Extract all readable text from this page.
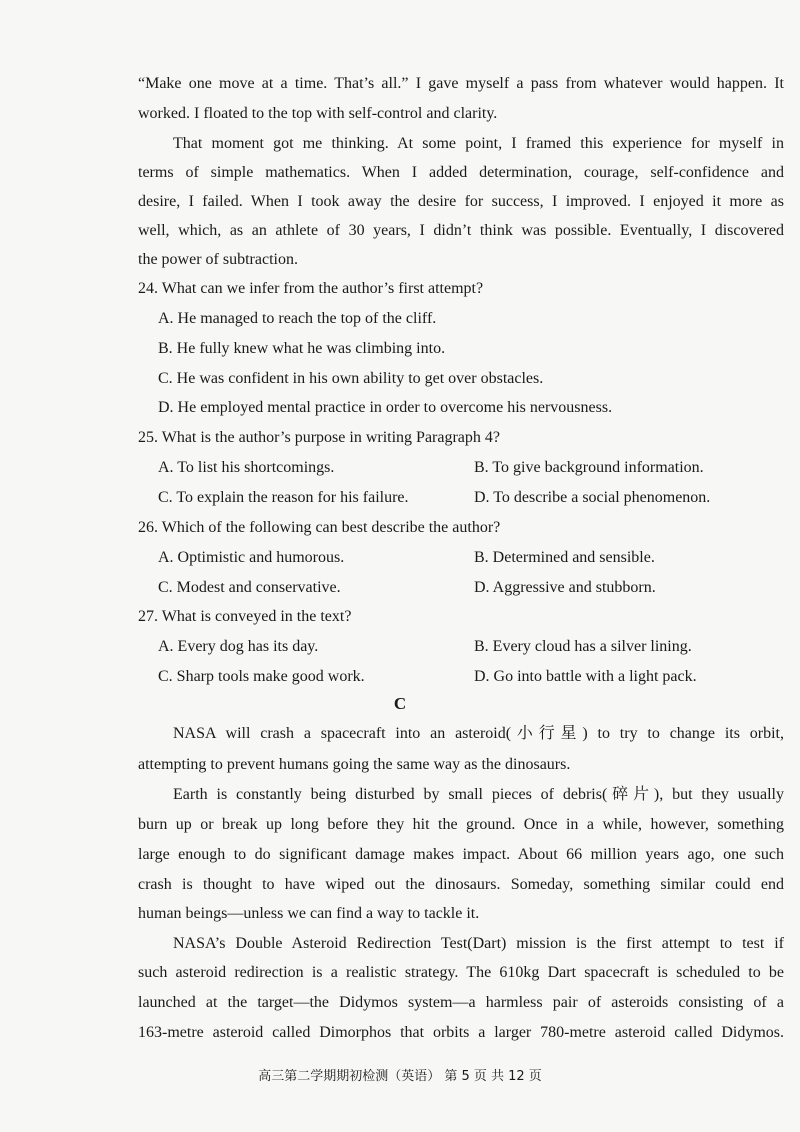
“Make one move at a time. That’s all.” I gave myself a pass from whatever would happen. It
worked. I floated to the top with self-control and clarity.
That moment got me thinking. At some point, I framed this experience for myself in
terms of simple mathematics. When I added determination, courage, self-confidence and
desire, I failed. When I took away the desire for success, I improved. I enjoyed it more as
well, which, as an athlete of 30 years, I didn’t think was possible. Eventually, I discovered
the power of subtraction.
24. What can we infer from the author’s first attempt?
A. He managed to reach the top of the cliff.
B. He fully knew what he was climbing into.
C. He was confident in his own ability to get over obstacles.
D. He employed mental practice in order to overcome his nervousness.
25. What is the author’s purpose in writing Paragraph 4?
A. To list his shortcomings.	B. To give background information.
C. To explain the reason for his failure.	D. To describe a social phenomenon.
26. Which of the following can best describe the author?
A. Optimistic and humorous.	B. Determined and sensible.
C. Modest and conservative.	D. Aggressive and stubborn.
27. What is conveyed in the text?
A. Every dog has its day.	B. Every cloud has a silver lining.
C. Sharp tools make good work.	D. Go into battle with a light pack.
C
NASA will crash a spacecraft into an asteroid(小行星) to try to change its orbit,
attempting to prevent humans going the same way as the dinosaurs.
Earth is constantly being disturbed by small pieces of debris(碎片), but they usually
burn up or break up long before they hit the ground. Once in a while, however, something
large enough to do significant damage makes impact. About 66 million years ago, one such
crash is thought to have wiped out the dinosaurs. Someday, something similar could end
human beings—unless we can find a way to tackle it.
NASA’s Double Asteroid Redirection Test(Dart) mission is the first attempt to test if
such asteroid redirection is a realistic strategy. The 610kg Dart spacecraft is scheduled to be
launched at the target—the Didymos system—a harmless pair of asteroids consisting of a
163-metre asteroid called Dimorphos that orbits a larger 780-metre asteroid called Didymos.
高三第二学期期初检测（英语） 第 5 页 共 12 页
